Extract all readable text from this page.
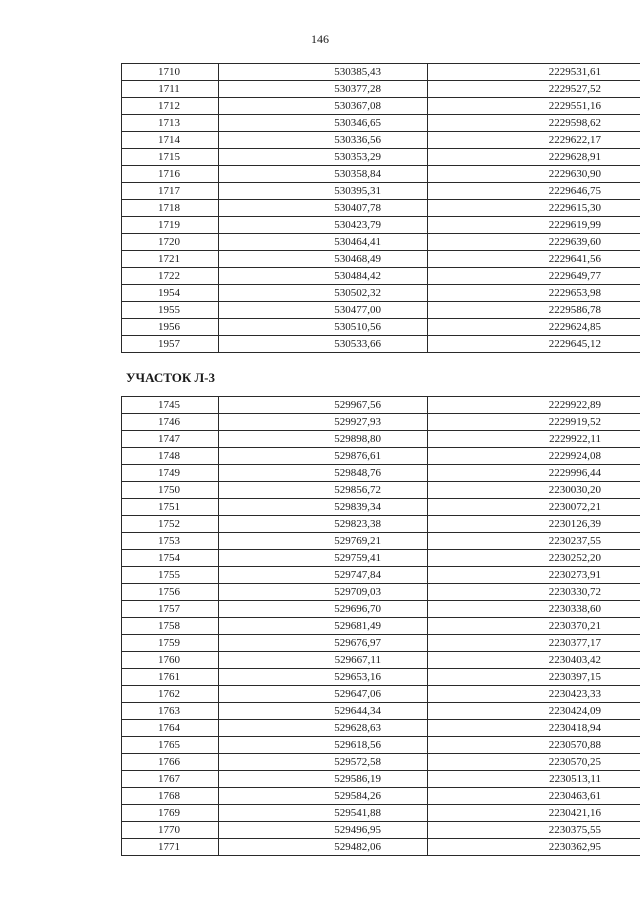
146
1710	530385,43	2229531,61
1711	530377,28	2229527,52
1712	530367,08	2229551,16
1713	530346,65	2229598,62
1714	530336,56	2229622,17
1715	530353,29	2229628,91
1716	530358,84	2229630,90
1717	530395,31	2229646,75
1718	530407,78	2229615,30
1719	530423,79	2229619,99
1720	530464,41	2229639,60
1721	530468,49	2229641,56
1722	530484,42	2229649,77
1954	530502,32	2229653,98
1955	530477,00	2229586,78
1956	530510,56	2229624,85
1957	530533,66	2229645,12
УЧАСТОК Л-3
1745	529967,56	2229922,89
1746	529927,93	2229919,52
1747	529898,80	2229922,11
1748	529876,61	2229924,08
1749	529848,76	2229996,44
1750	529856,72	2230030,20
1751	529839,34	2230072,21
1752	529823,38	2230126,39
1753	529769,21	2230237,55
1754	529759,41	2230252,20
1755	529747,84	2230273,91
1756	529709,03	2230330,72
1757	529696,70	2230338,60
1758	529681,49	2230370,21
1759	529676,97	2230377,17
1760	529667,11	2230403,42
1761	529653,16	2230397,15
1762	529647,06	2230423,33
1763	529644,34	2230424,09
1764	529628,63	2230418,94
1765	529618,56	2230570,88
1766	529572,58	2230570,25
1767	529586,19	2230513,11
1768	529584,26	2230463,61
1769	529541,88	2230421,16
1770	529496,95	2230375,55
1771	529482,06	2230362,95
